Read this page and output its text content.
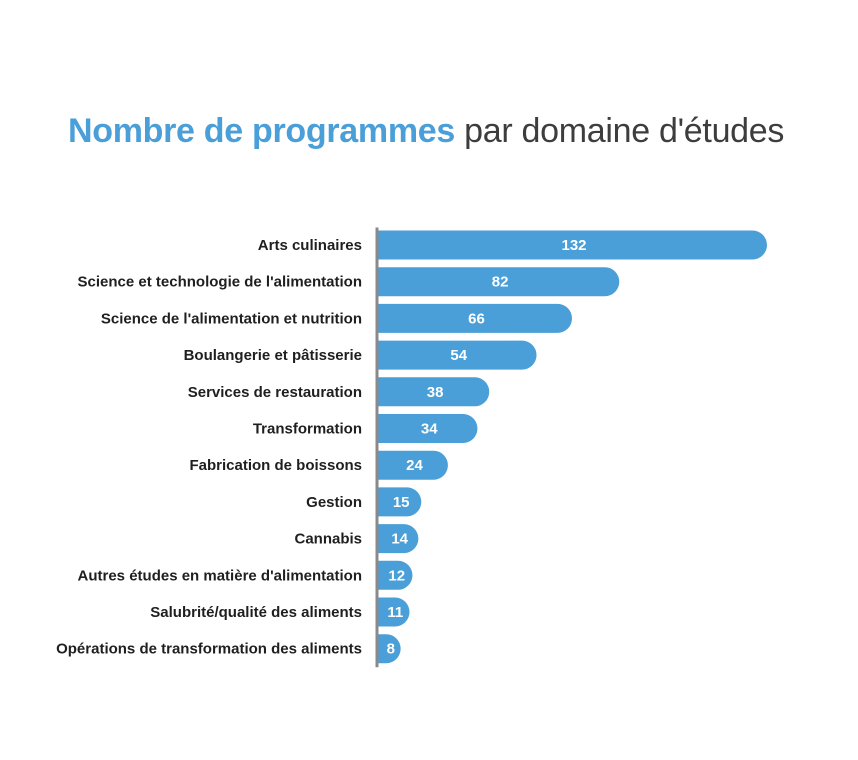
Nombre de programmes par domaine d'études
Arts culinaires
Science et technologie de l'alimentation
Science de l'alimentation et nutrition
Boulangerie et pâtisserie
Services de restauration
Transformation
Fabrication de boissons
Gestion
Cannabis
Autres études en matière d'alimentation
Salubrité/qualité des aliments
Opérations de transformation des aliments
132
82
66
54
38
34
24
15
14
12
11
8
